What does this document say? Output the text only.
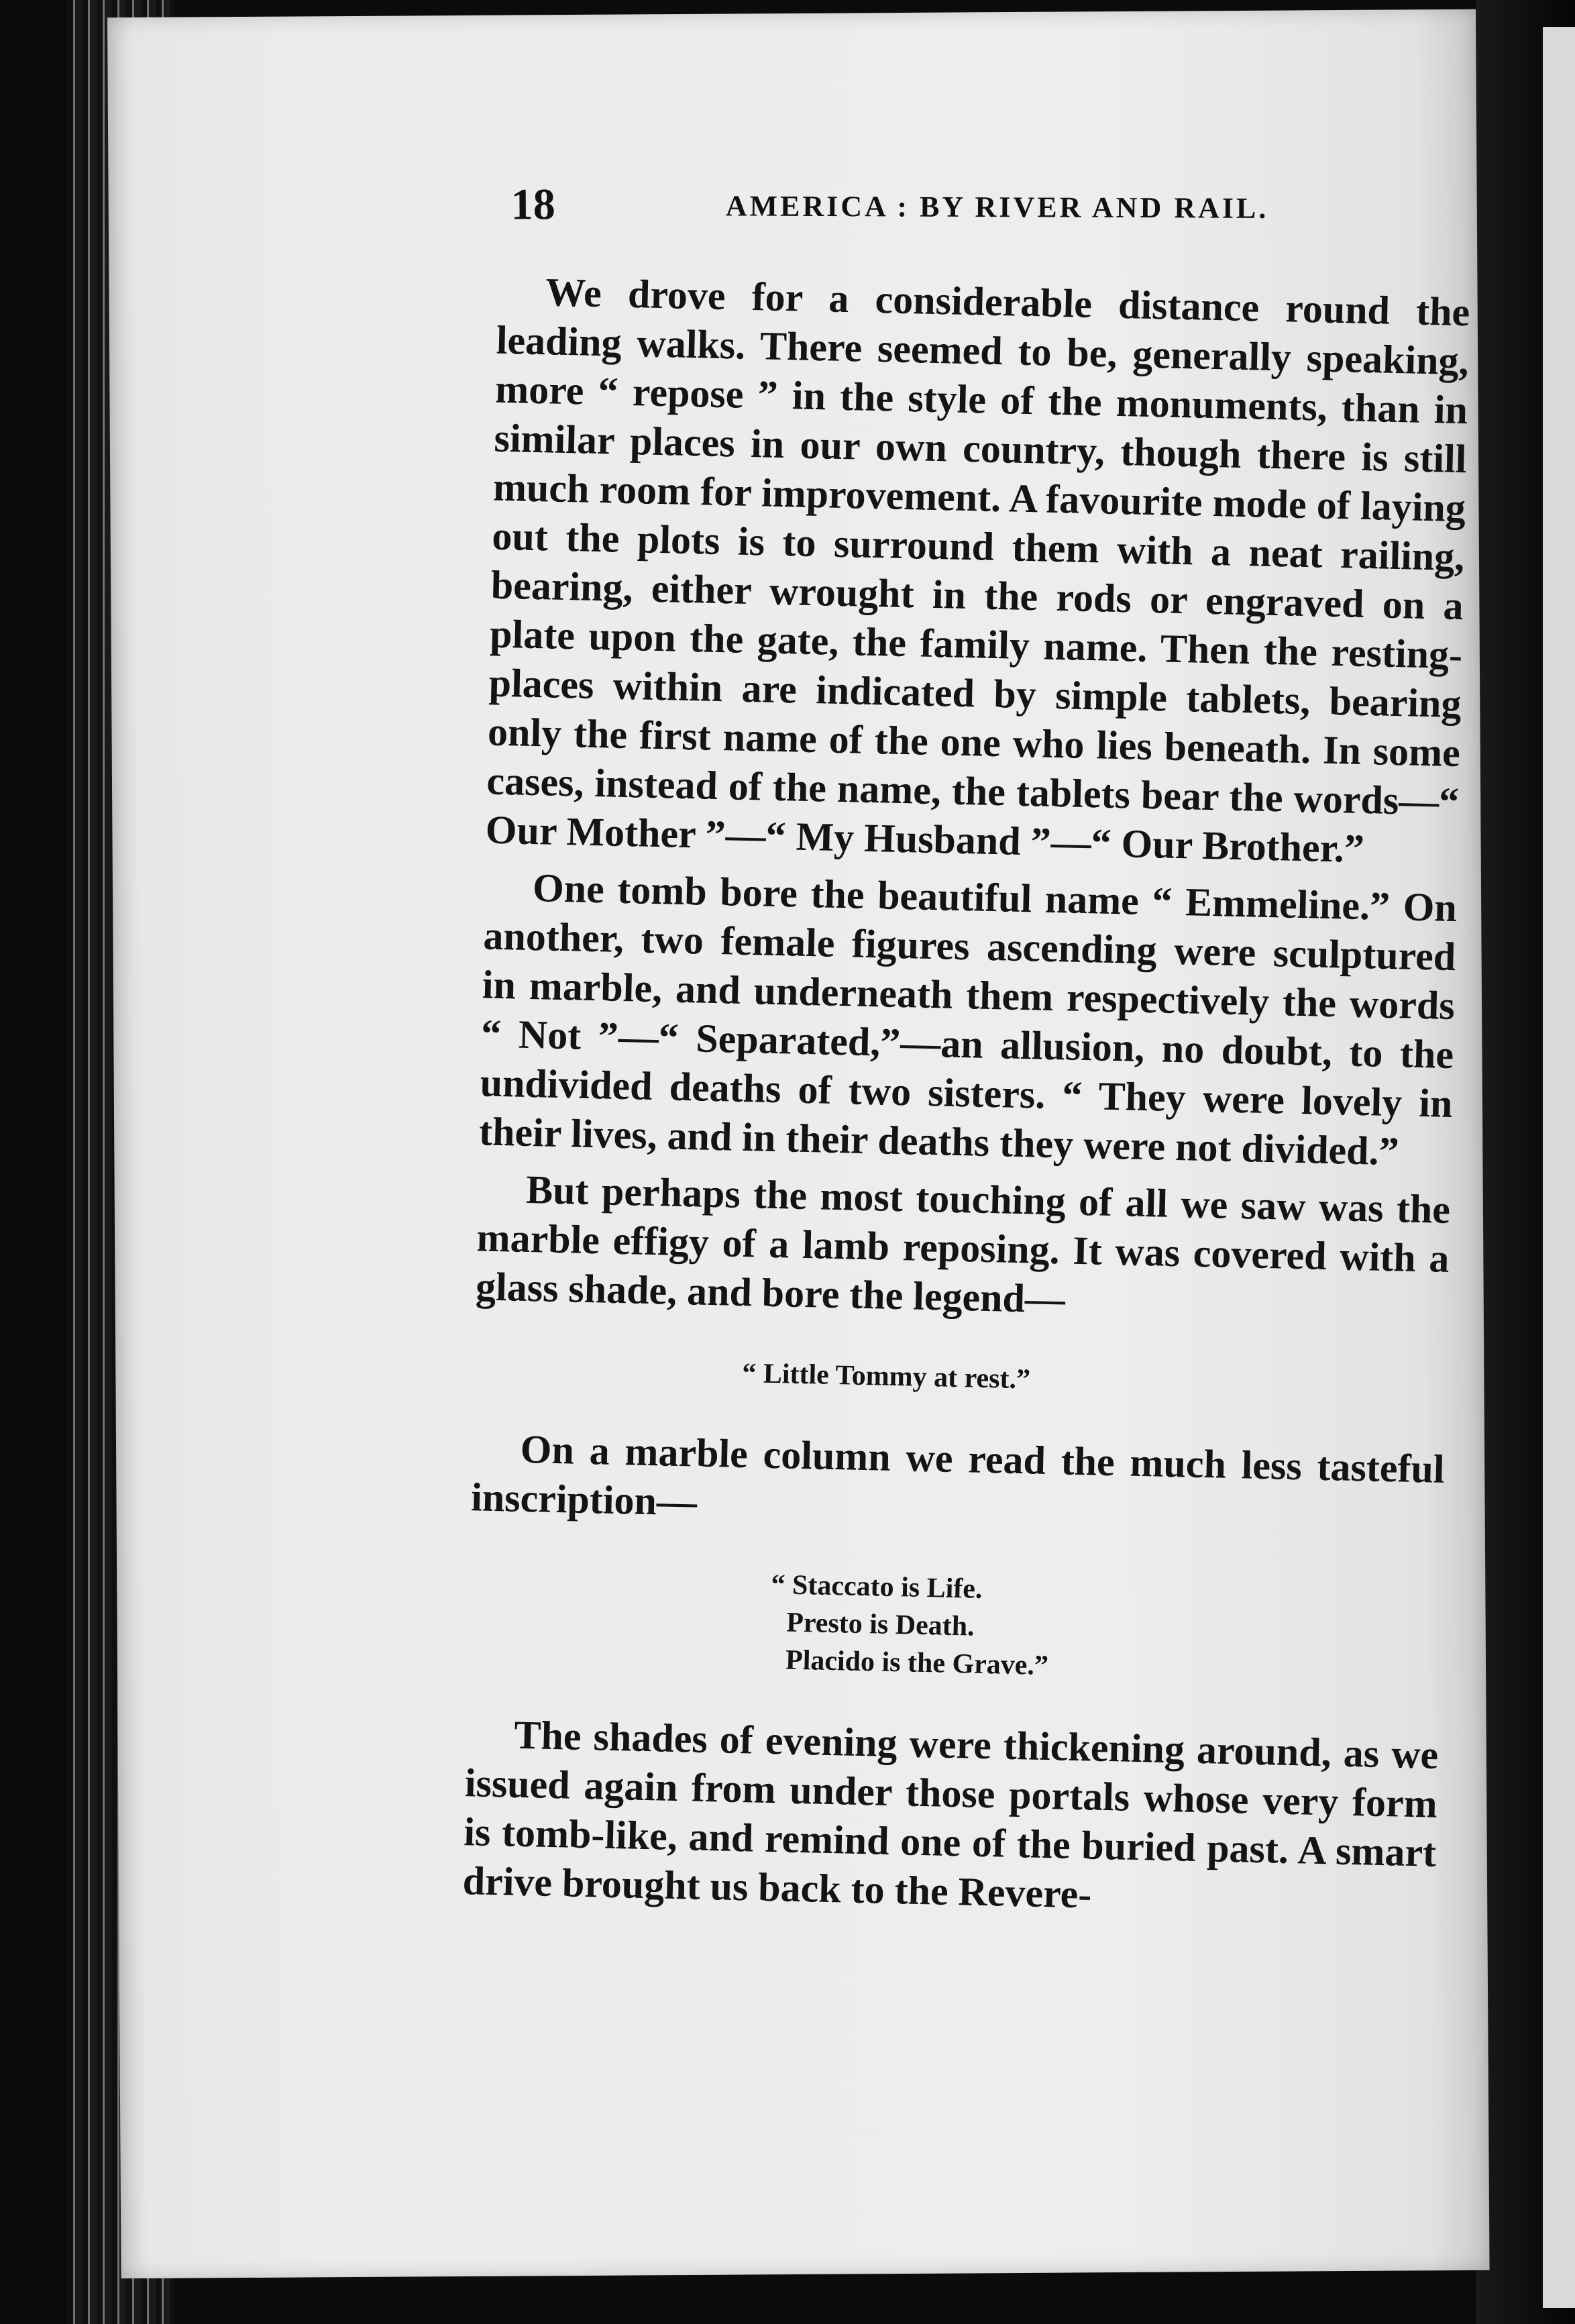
18	AMERICA : BY RIVER AND RAIL.

We drove for a considerable distance round the leading walks. There seemed to be, generally speaking, more “ repose ” in the style of the monuments, than in similar places in our own country, though there is still much room for improvement. A favourite mode of laying out the plots is to surround them with a neat railing, bearing, either wrought in the rods or engraved on a plate upon the gate, the family name. Then the resting-places within are indicated by simple tablets, bearing only the first name of the one who lies beneath. In some cases, instead of the name, the tablets bear the words—“ Our Mother ”—“ My Husband ”—“ Our Brother.”

One tomb bore the beautiful name “ Emmeline.” On another, two female figures ascending were sculptured in marble, and underneath them respectively the words “ Not ”—“ Separated,”—an allusion, no doubt, to the undivided deaths of two sisters. “ They were lovely in their lives, and in their deaths they were not divided.”

But perhaps the most touching of all we saw was the marble effigy of a lamb reposing. It was covered with a glass shade, and bore the legend—

“ Little Tommy at rest.”

On a marble column we read the much less tasteful inscription—

“ Staccato is Life.
Presto is Death.
Placido is the Grave.”

The shades of evening were thickening around, as we issued again from under those portals whose very form is tomb-like, and remind one of the buried past. A smart drive brought us back to the Revere-
